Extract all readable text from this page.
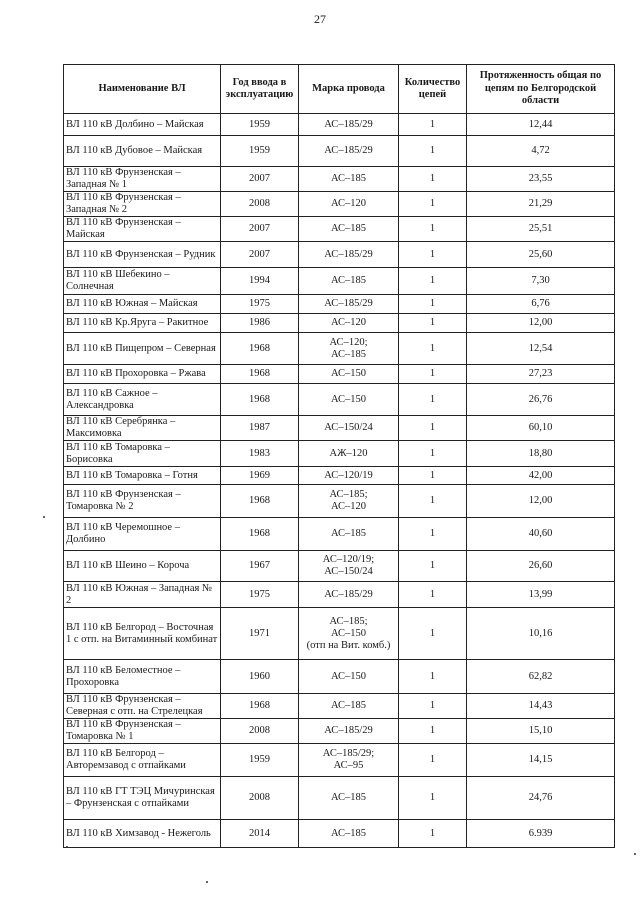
27
Наименование ВЛ	Год ввода в эксплуатацию	Марка провода	Количество цепей	Протяженность общая по цепям по Белгородской области
ВЛ 110 кВ Долбино – Майская	1959	АС–185/29	1	12,44
ВЛ 110 кВ Дубовое – Майская	1959	АС–185/29	1	4,72
ВЛ 110 кВ Фрунзенская – Западная № 1	2007	АС–185	1	23,55
ВЛ 110 кВ Фрунзенская – Западная № 2	2008	АС–120	1	21,29
ВЛ 110 кВ Фрунзенская – Майская	2007	АС–185	1	25,51
ВЛ 110 кВ Фрунзенская – Рудник	2007	АС–185/29	1	25,60
ВЛ 110 кВ Шебекино – Солнечная	1994	АС–185	1	7,30
ВЛ 110 кВ Южная – Майская	1975	АС–185/29	1	6,76
ВЛ 110 кВ Кр.Яруга – Ракитное	1986	АС–120	1	12,00
ВЛ 110 кВ Пищепром – Северная	1968	АС–120;
АС–185	1	12,54
ВЛ 110 кВ Прохоровка – Ржава	1968	АС–150	1	27,23
ВЛ 110 кВ Сажное – Александровка	1968	АС–150	1	26,76
ВЛ 110 кВ Серебрянка – Максимовка	1987	АС–150/24	1	60,10
ВЛ 110 кВ Томаровка – Борисовка	1983	АЖ–120	1	18,80
ВЛ 110 кВ Томаровка – Готня	1969	АС–120/19	1	42,00
ВЛ 110 кВ Фрунзенская – Томаровка № 2	1968	АС–185;
АС–120	1	12,00
ВЛ 110 кВ Черемошное – Долбино	1968	АС–185	1	40,60
ВЛ 110 кВ Шеино – Короча	1967	АС–120/19;
АС–150/24	1	26,60
ВЛ 110 кВ Южная – Западная № 2	1975	АС–185/29	1	13,99
ВЛ 110 кВ Белгород – Восточная 1 с отп. на Витаминный комбинат	1971	АС–185;
АС–150
(отп на Вит. комб.)	1	10,16
ВЛ 110 кВ Беломестное – Прохоровка	1960	АС–150	1	62,82
ВЛ 110 кВ Фрунзенская – Северная с отп. на Стрелецкая	1968	АС–185	1	14,43
ВЛ 110 кВ Фрунзенская – Томаровка № 1	2008	АС–185/29	1	15,10
ВЛ 110 кВ Белгород – Авторемзавод с отпайками	1959	АС–185/29;
АС–95	1	14,15
ВЛ 110 кВ ГТ ТЭЦ Мичуринская – Фрунзенская с отпайками	2008	АС–185	1	24,76
ВЛ 110 кВ Химзавод - Нежеголь	2014	АС–185	1	6.939
